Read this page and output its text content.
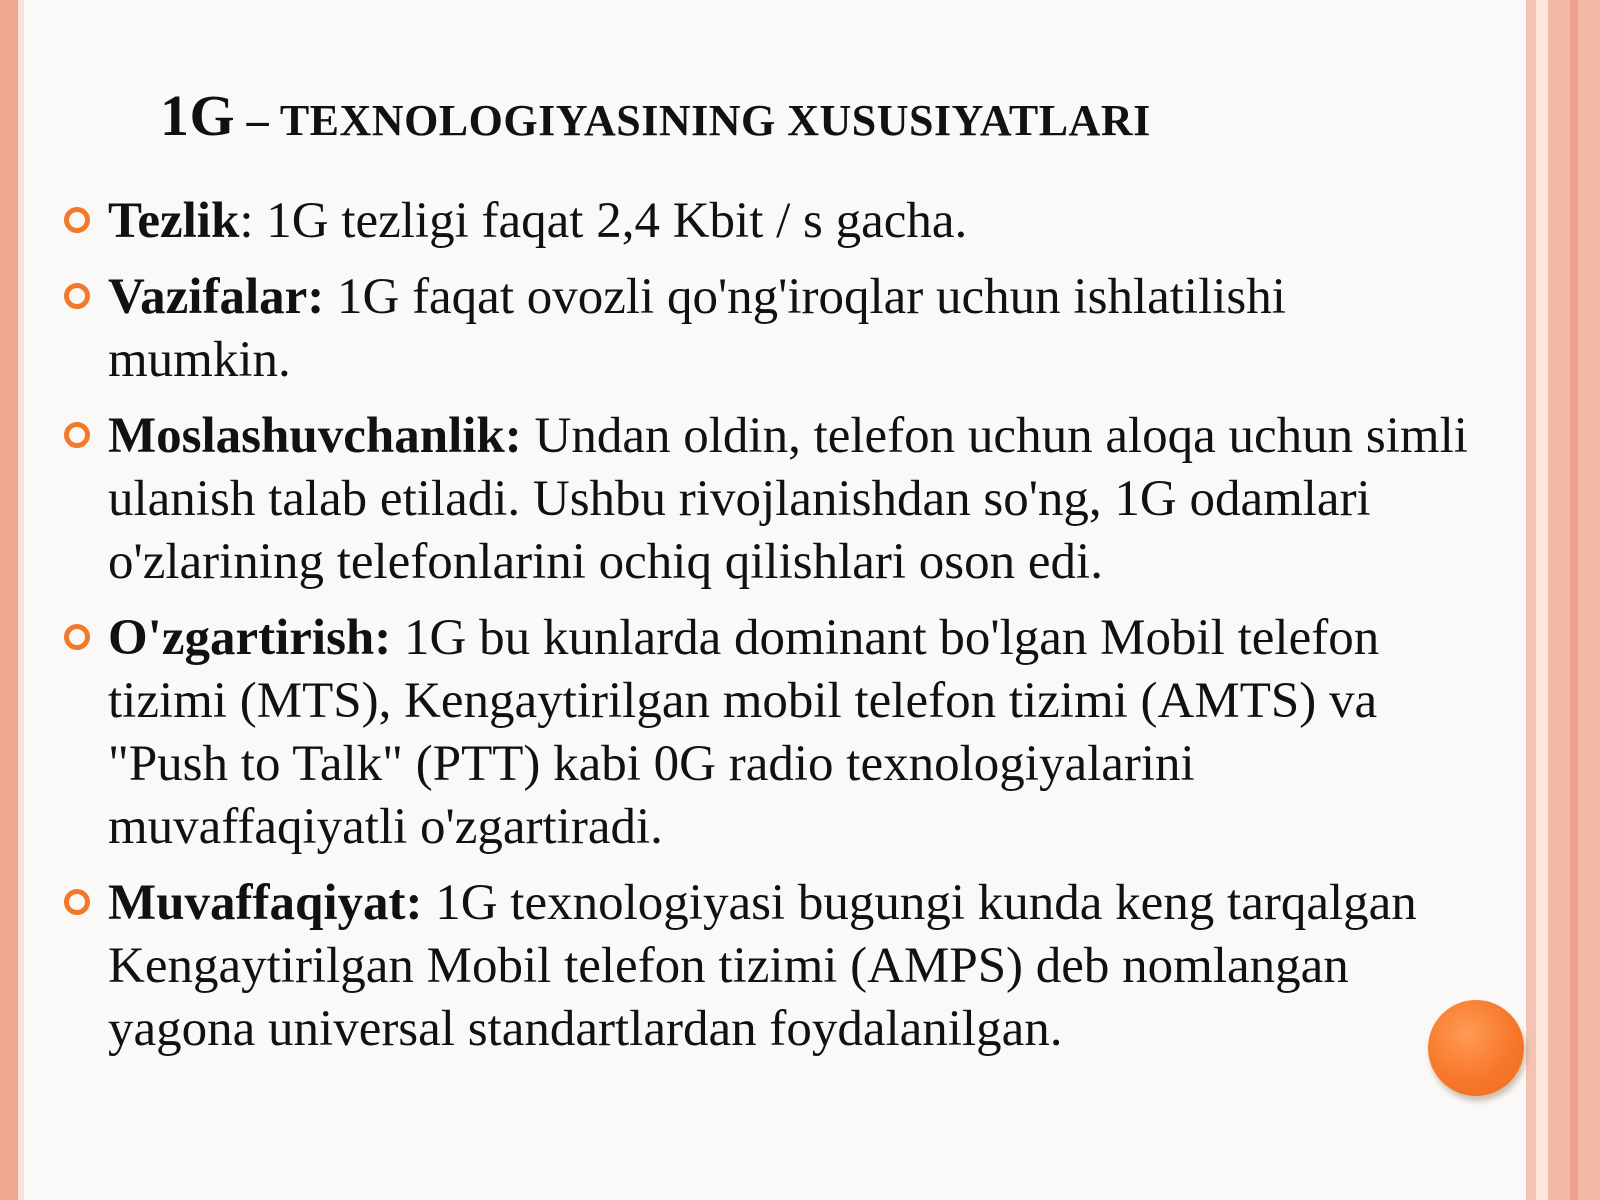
1G – TEXNOLOGIYASINING XUSUSIYATLARI
Tezlik: 1G tezligi faqat 2,4 Kbit / s gacha.
Vazifalar: 1G faqat ovozli qo'ng'iroqlar uchun ishlatilishi mumkin.
Moslashuvchanlik: Undan oldin, telefon uchun aloqa uchun simli ulanish talab etiladi. Ushbu rivojlanishdan so'ng, 1G odamlari o'zlarining telefonlarini ochiq qilishlari oson edi.
O'zgartirish: 1G bu kunlarda dominant bo'lgan Mobil telefon tizimi (MTS), Kengaytirilgan mobil telefon tizimi (AMTS) va "Push to Talk" (PTT) kabi 0G radio texnologiyalarini muvaffaqiyatli o'zgartiradi.
Muvaffaqiyat: 1G texnologiyasi bugungi kunda keng tarqalgan Kengaytirilgan Mobil telefon tizimi (AMPS) deb nomlangan yagona universal standartlardan foydalanilgan.
